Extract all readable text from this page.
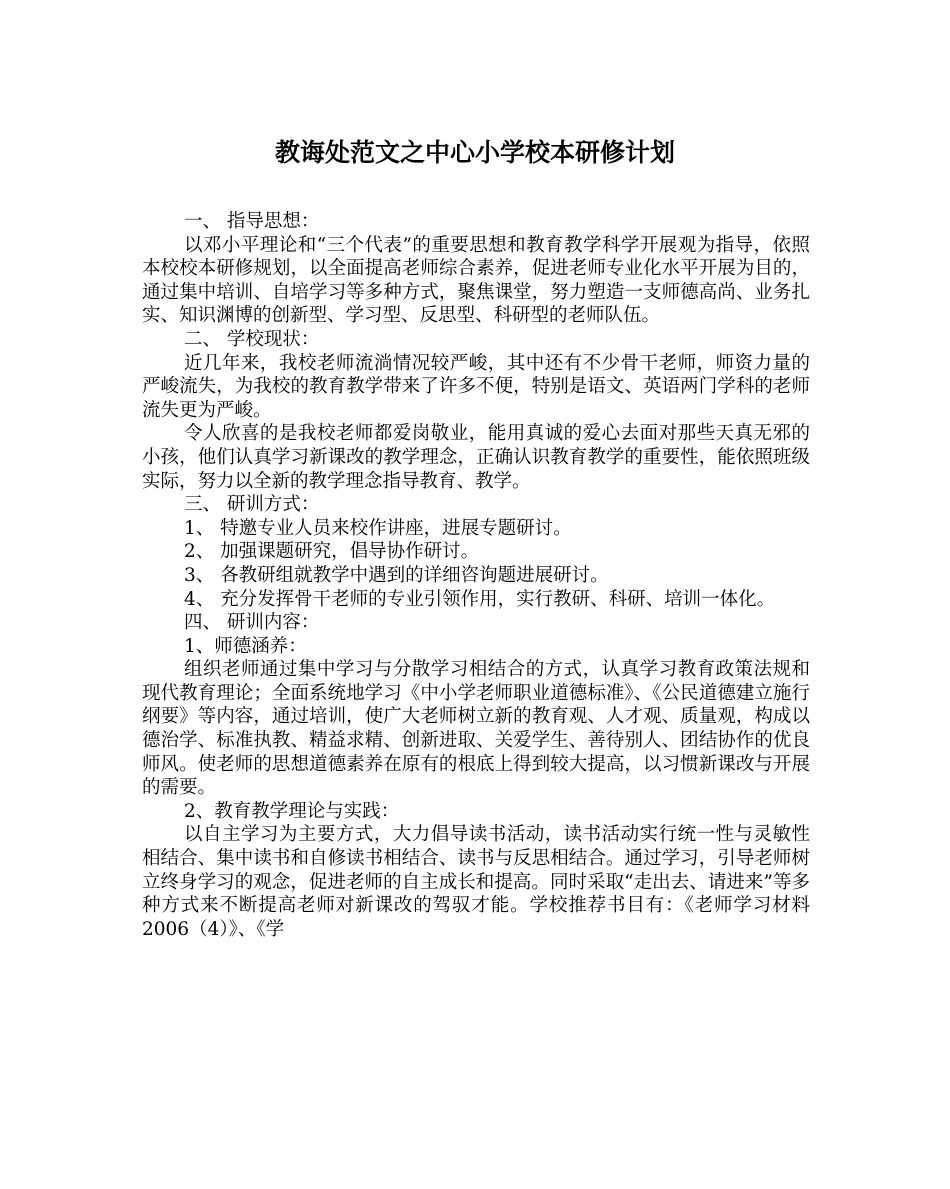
教诲处范文之中心小学校本研修计划

一、 指导思想：

以邓小平理论和“三个代表”的重要思想和教育教学科学开展观为指导，依照本校校本研修规划，以全面提高老师综合素养，促进老师专业化水平开展为目的，通过集中培训、自培学习等多种方式，聚焦课堂，努力塑造一支师德高尚、业务扎实、知识渊博的创新型、学习型、反思型、科研型的老师队伍。

二、 学校现状：

近几年来，我校老师流淌情况较严峻，其中还有不少骨干老师，师资力量的严峻流失，为我校的教育教学带来了许多不便，特别是语文、英语两门学科的老师流失更为严峻。

令人欣喜的是我校老师都爱岗敬业，能用真诚的爱心去面对那些天真无邪的小孩，他们认真学习新课改的教学理念，正确认识教育教学的重要性，能依照班级实际，努力以全新的教学理念指导教育、教学。

三、 研训方式：

1、 特邀专业人员来校作讲座，进展专题研讨。

2、 加强课题研究，倡导协作研讨。

3、 各教研组就教学中遇到的详细咨询题进展研讨。

4、 充分发挥骨干老师的专业引领作用，实行教研、科研、培训一体化。

四、 研训内容：

1、师德涵养：

组织老师通过集中学习与分散学习相结合的方式，认真学习教育政策法规和现代教育理论；全面系统地学习《中小学老师职业道德标准》、《公民道德建立施行纲要》等内容，通过培训，使广大老师树立新的教育观、人才观、质量观，构成以德治学、标准执教、精益求精、创新进取、关爱学生、善待别人、团结协作的优良师风。使老师的思想道德素养在原有的根底上得到较大提高，以习惯新课改与开展的需要。

2、教育教学理论与实践：

以自主学习为主要方式，大力倡导读书活动，读书活动实行统一性与灵敏性相结合、集中读书和自修读书相结合、读书与反思相结合。通过学习，引导老师树立终身学习的观念，促进老师的自主成长和提高。同时采取“走出去、请进来”等多种方式来不断提高老师对新课改的驾驭才能。学校推荐书目有：《老师学习材料 2006（4）》、《学
